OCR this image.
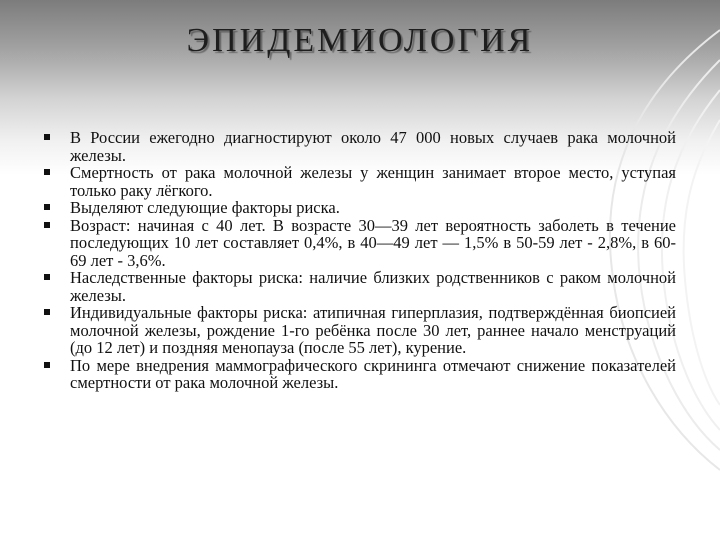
ЭПИДЕМИОЛОГИЯ
В России ежегодно диагностируют около 47 000 новых случаев рака молочной железы.
Смертность от рака молочной железы у женщин занимает второе место, уступая только раку лёгкого.
Выделяют следующие факторы риска.
Возраст: начиная с 40 лет. В возрасте 30—39 лет вероятность заболеть в течение последующих 10 лет составляет 0,4%, в 40—49 лет — 1,5% в 50-59 лет - 2,8%, в 60-69 лет - 3,6%.
Наследственные факторы риска: наличие близких родственников с раком молочной железы.
Индивидуальные факторы риска: атипичная гиперплазия, подтверждённая биопсией молочной железы, рождение 1-го ребёнка после 30 лет, раннее начало менструаций (до 12 лет) и поздняя менопауза (после 55 лет), курение.
По мере внедрения маммографического скрининга отмечают снижение показателей смертности от рака молочной железы.
